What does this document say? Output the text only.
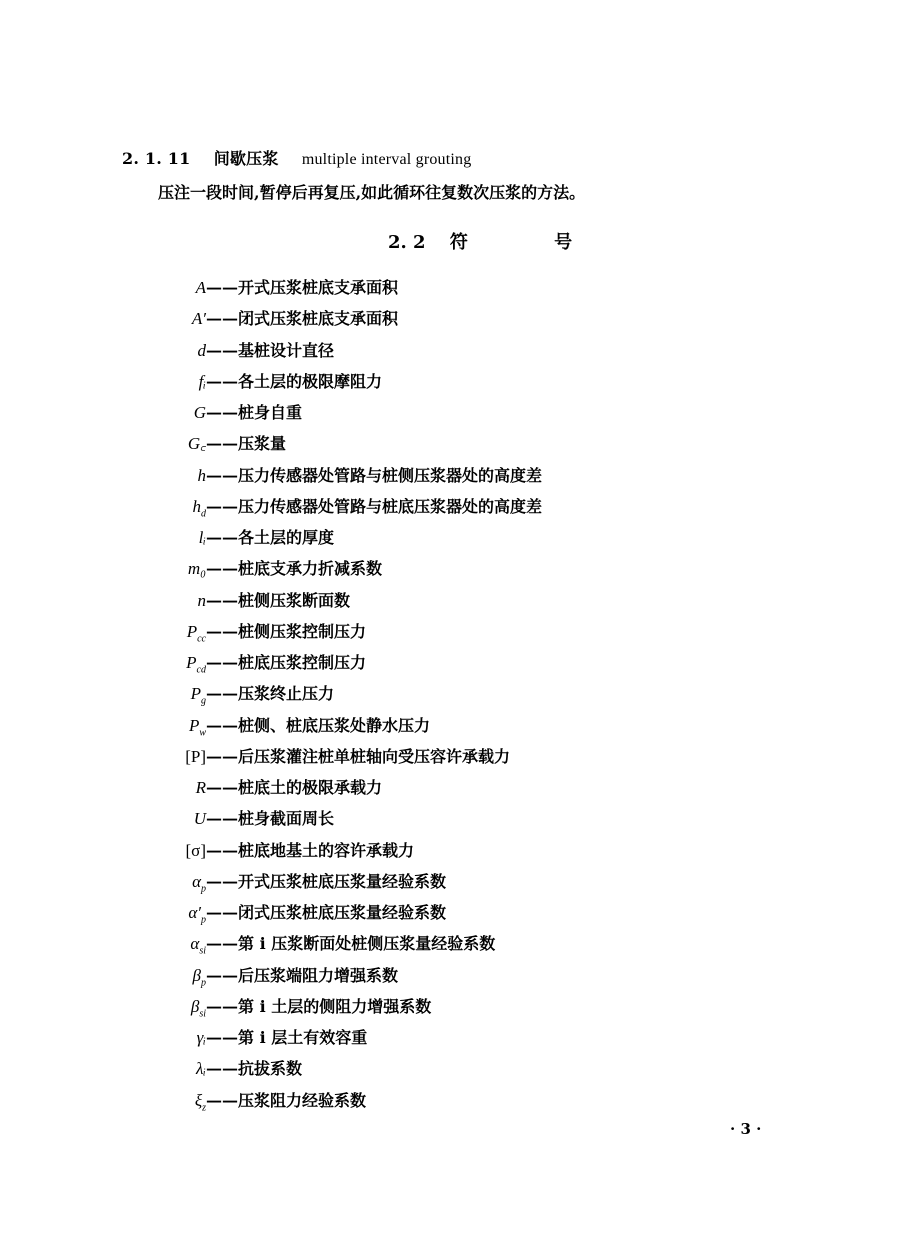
2. 1. 11 间歇压浆 multiple interval grouting
压注一段时间,暂停后再复压,如此循环往复数次压浆的方法。
2. 2 符 号
A ——开式压浆桩底支承面积
A′ ——闭式压浆桩底支承面积
d ——基桩设计直径
fᵢ ——各土层的极限摩阻力
G ——桩身自重
G꜀ ——压浆量
h ——压力传感器处管路与桩侧压浆器处的高度差
$h_d$ ——压力传感器处管路与桩底压浆器处的高度差
lᵢ ——各土层的厚度
m₀ ——桩底支承力折减系数
n ——桩侧压浆断面数
$P_{cc}$ ——桩侧压浆控制压力
$P_{cd}$ ——桩底压浆控制压力
$P_g$ ——压浆终止压力
$P_w$ ——桩侧、桩底压浆处静水压力
[P] ——后压浆灌注桩单桩轴向受压容许承载力
R ——桩底土的极限承载力
U ——桩身截面周长
[σ] ——桩底地基土的容许承载力
$\alpha_p$ ——开式压浆桩底压浆量经验系数
$\alpha'_p$ ——闭式压浆桩底压浆量经验系数
$\alpha_{si}$ ——第 i 压浆断面处桩侧压浆量经验系数
$\beta_p$ ——后压浆端阻力增强系数
$\beta_{si}$ ——第 i 土层的侧阻力增强系数
γᵢ ——第 i 层土有效容重
λᵢ ——抗拔系数
$\xi_z$ ——压浆阻力经验系数
· 3 ·
